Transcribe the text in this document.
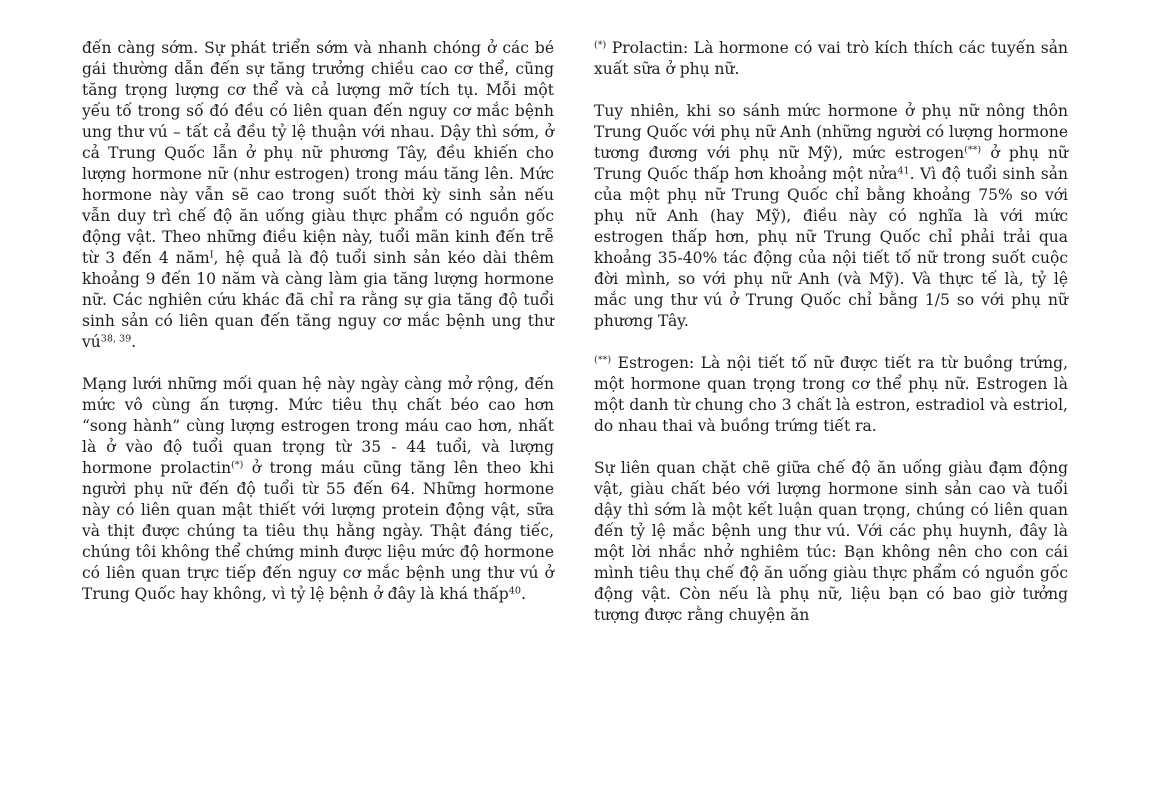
đến càng sớm. Sự phát triển sớm và nhanh chóng ở các bé gái thường dẫn đến sự tăng trưởng chiều cao cơ thể, cũng tăng trọng lượng cơ thể và cả lượng mỡ tích tụ. Mỗi một yếu tố trong số đó đều có liên quan đến nguy cơ mắc bệnh ung thư vú – tất cả đều tỷ lệ thuận với nhau. Dậy thì sớm, ở cả Trung Quốc lẫn ở phụ nữ phương Tây, đều khiến cho lượng hormone nữ (như estrogen) trong máu tăng lên. Mức hormone này vẫn sẽ cao trong suốt thời kỳ sinh sản nếu vẫn duy trì chế độ ăn uống giàu thực phẩm có nguồn gốc động vật. Theo những điều kiện này, tuổi mãn kinh đến trễ từ 3 đến 4 năm$^I$, hệ quả là độ tuổi sinh sản kéo dài thêm khoảng 9 đến 10 năm và càng làm gia tăng lượng hormone nữ. Các nghiên cứu khác đã chỉ ra rằng sự gia tăng độ tuổi sinh sản có liên quan đến tăng nguy cơ mắc bệnh ung thư vú$^{38, 39}$.

Mạng lưới những mối quan hệ này ngày càng mở rộng, đến mức vô cùng ấn tượng. Mức tiêu thụ chất béo cao hơn “song hành” cùng lượng estrogen trong máu cao hơn, nhất là ở vào độ tuổi quan trọng từ 35 - 44 tuổi, và lượng hormone prolactin(*) ở trong máu cũng tăng lên theo khi người phụ nữ đến độ tuổi từ 55 đến 64. Những hormone này có liên quan mật thiết với lượng protein động vật, sữa và thịt được chúng ta tiêu thụ hằng ngày. Thật đáng tiếc, chúng tôi không thể chứng minh được liệu mức độ hormone có liên quan trực tiếp đến nguy cơ mắc bệnh ung thư vú ở Trung Quốc hay không, vì tỷ lệ bệnh ở đây là khá thấp$^{40}$.

(*) Prolactin: Là hormone có vai trò kích thích các tuyến sản xuất sữa ở phụ nữ.

Tuy nhiên, khi so sánh mức hormone ở phụ nữ nông thôn Trung Quốc với phụ nữ Anh (những người có lượng hormone tương đương với phụ nữ Mỹ), mức estrogen(**) ở phụ nữ Trung Quốc thấp hơn khoảng một nửa$^{41}$. Vì độ tuổi sinh sản của một phụ nữ Trung Quốc chỉ bằng khoảng 75% so với phụ nữ Anh (hay Mỹ), điều này có nghĩa là với mức estrogen thấp hơn, phụ nữ Trung Quốc chỉ phải trải qua khoảng 35-40% tác động của nội tiết tố nữ trong suốt cuộc đời mình, so với phụ nữ Anh (và Mỹ). Và thực tế là, tỷ lệ mắc ung thư vú ở Trung Quốc chỉ bằng 1/5 so với phụ nữ phương Tây.

(**) Estrogen: Là nội tiết tố nữ được tiết ra từ buồng trứng, một hormone quan trọng trong cơ thể phụ nữ. Estrogen là một danh từ chung cho 3 chất là estron, estradiol và estriol, do nhau thai và buồng trứng tiết ra.

Sự liên quan chặt chẽ giữa chế độ ăn uống giàu đạm động vật, giàu chất béo với lượng hormone sinh sản cao và tuổi dậy thì sớm là một kết luận quan trọng, chúng có liên quan đến tỷ lệ mắc bệnh ung thư vú. Với các phụ huynh, đây là một lời nhắc nhở nghiêm túc: Bạn không nên cho con cái mình tiêu thụ chế độ ăn uống giàu thực phẩm có nguồn gốc động vật. Còn nếu là phụ nữ, liệu bạn có bao giờ tưởng tượng được rằng chuyện ăn
